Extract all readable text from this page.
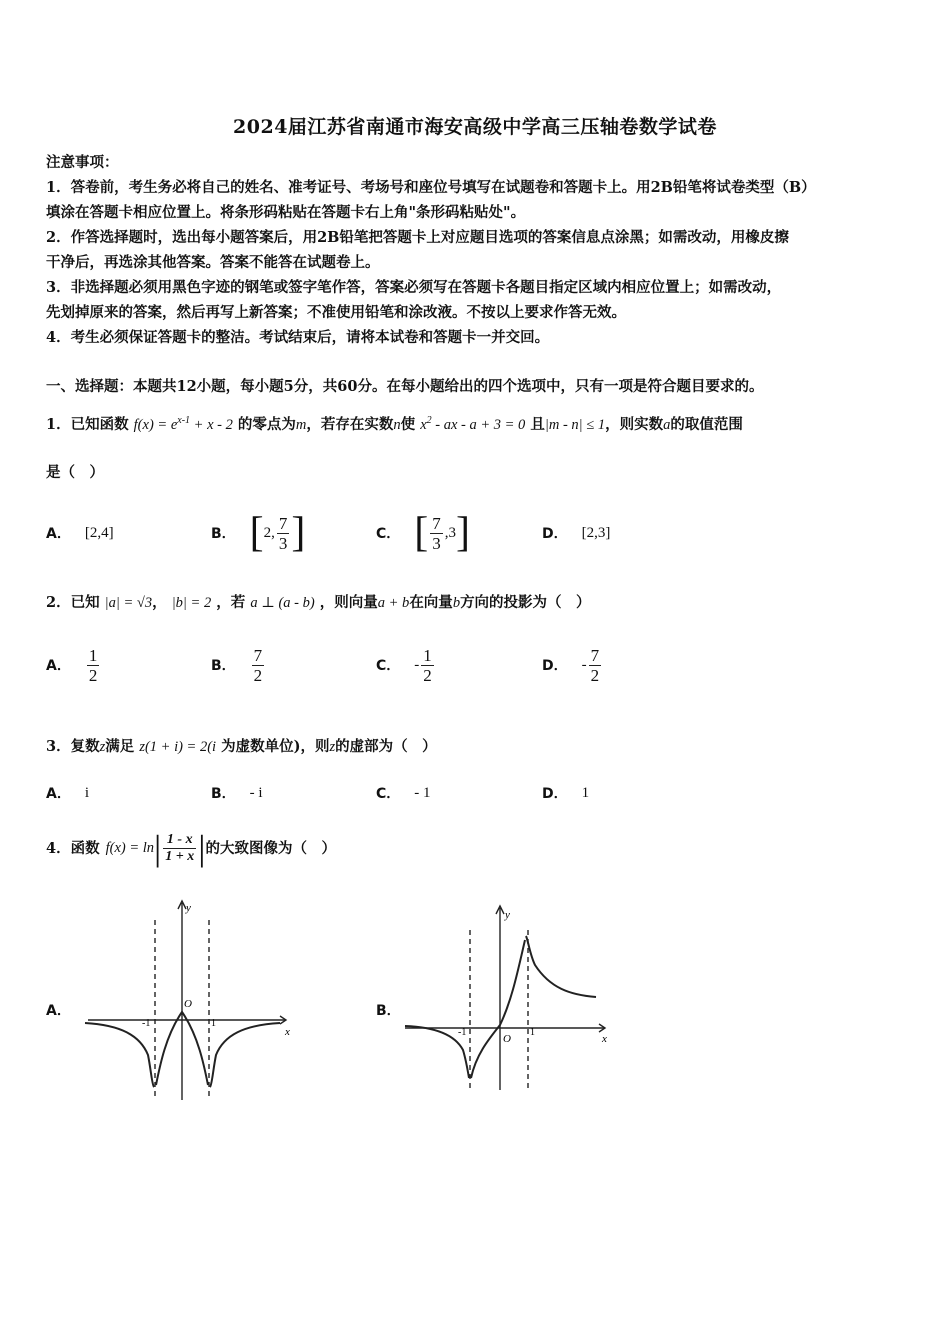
2024届江苏省南通市海安高级中学高三压轴卷数学试卷
注意事项：
1．答卷前，考生务必将自己的姓名、准考证号、考场号和座位号填写在试题卷和答题卡上。用2B铅笔将试卷类型（B）
填涂在答题卡相应位置上。将条形码粘贴在答题卡右上角"条形码粘贴处"。
2．作答选择题时，选出每小题答案后，用2B铅笔把答题卡上对应题目选项的答案信息点涂黑；如需改动，用橡皮擦
干净后，再选涂其他答案。答案不能答在试题卷上。
3．非选择题必须用黑色字迹的钢笔或签字笔作答，答案必须写在答题卡各题目指定区域内相应位置上；如需改动，
先划掉原来的答案，然后再写上新答案；不准使用铅笔和涂改液。不按以上要求作答无效。
4．考生必须保证答题卡的整洁。考试结束后，请将本试卷和答题卡一并交回。
一、选择题：本题共12小题，每小题5分，共60分。在每小题给出的四个选项中，只有一项是符合题目要求的。
1．已知函数 $f(x) = e^{x-1} + x - 2$ 的零点为m，若存在实数n使 $x^2$ - ax - a + 3 = 0 且|m - n| ≤ 1，则实数a的取值范围
是（　）
A． [2,4]	B． [ 2, $\frac{7}{3}$ ]	C． [ $\frac{7}{3} ,3$ ]	D． [2,3]
2．已知 |a| = √3， |b| = 2 ，若 a ⊥ (a - b) ，则向量a + b在向量b方向的投影为（　）
A． $\frac{1}{2}$	B． $\frac{7}{2}$	C． - $\frac{1}{2}$	D． - $\frac{7}{2}$
3．复数z满足 z(1 + i) = 2(i 为虚数单位)，则z的虚部为（　）
A． i	B． - i	C． - 1	D． 1
4．函数 f(x) = ln | $\frac{1 - x}{1 + x}$ | 的大致图像为（　）
A．
y
x
O
-1	1
B．
y
x
O
-1	1
